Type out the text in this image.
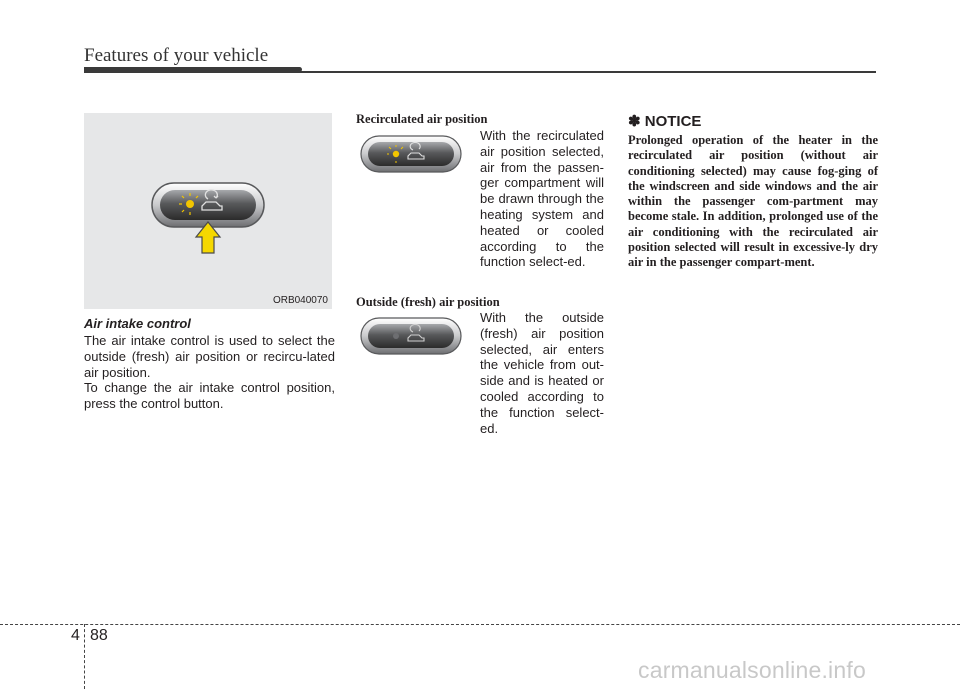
Features of your vehicle
ORB040070
Air intake control
The air intake control is used to select the outside (fresh) air position or recircu-lated air position.
To change the air intake control position, press the control button.
Recirculated air position
With the recirculated air position selected, air from the passen-ger compartment will be drawn through the heating system and heated or cooled according to the function select-ed.
Outside (fresh) air position
With the outside (fresh) air position selected, air enters the vehicle from out-side and is heated or cooled according to the function select-ed.
✽ NOTICE
Prolonged operation of the heater in the recirculated air position (without air conditioning selected) may cause fog-ging of the windscreen and side windows and the air within the passenger com-partment may become stale. In addition, prolonged use of the air conditioning with the recirculated air position selected will result in excessive-ly dry air in the passenger compart-ment.
4 88
carmanualsonline.info
